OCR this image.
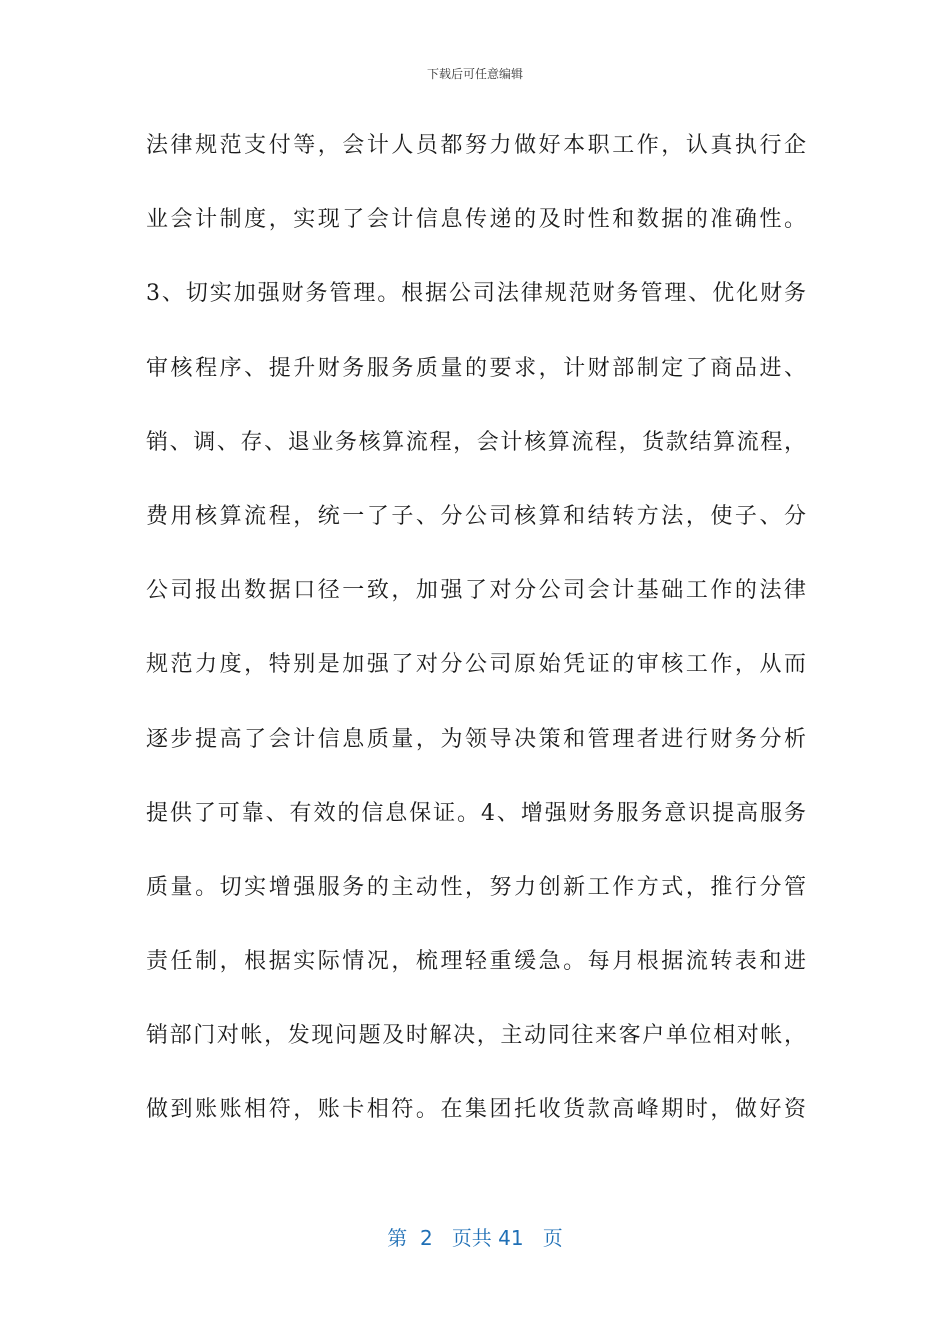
下载后可任意编辑
法律规范支付等，会计人员都努力做好本职工作，认真执行企
业会计制度，实现了会计信息传递的及时性和数据的准确性。
3、切实加强财务管理。根据公司法律规范财务管理、优化财务
审核程序、提升财务服务质量的要求，计财部制定了商品进、
销、调、存、退业务核算流程，会计核算流程，货款结算流程，
费用核算流程，统一了子、分公司核算和结转方法，使子、分
公司报出数据口径一致，加强了对分公司会计基础工作的法律
规范力度，特别是加强了对分公司原始凭证的审核工作，从而
逐步提高了会计信息质量，为领导决策和管理者进行财务分析
提供了可靠、有效的信息保证。4、增强财务服务意识提高服务
质量。切实增强服务的主动性，努力创新工作方式，推行分管
责任制，根据实际情况，梳理轻重缓急。每月根据流转表和进
销部门对帐，发现问题及时解决，主动同往来客户单位相对帐，
做到账账相符，账卡相符。在集团托收货款高峰期时，做好资
第 2 页共 41 页
